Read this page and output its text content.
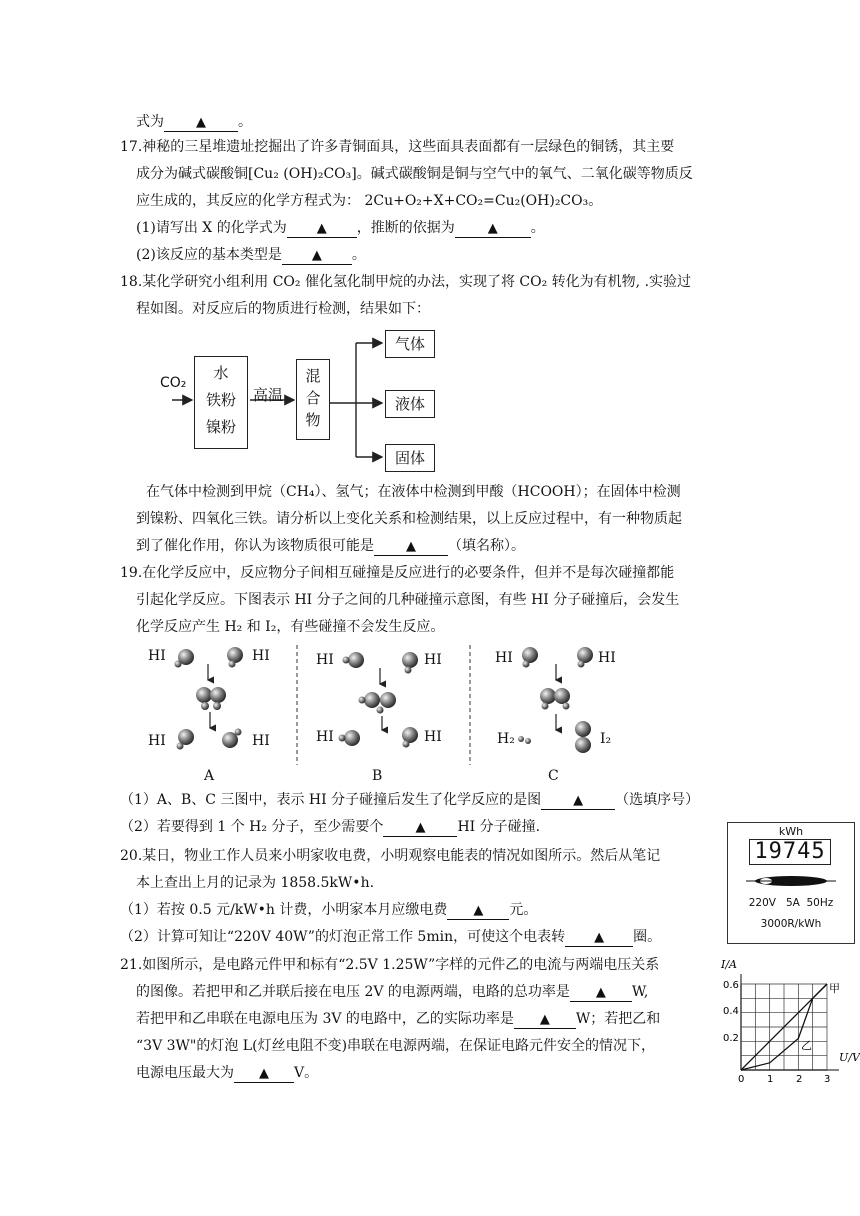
式为 ▲ 。
17.神秘的三星堆遗址挖掘出了许多青铜面具，这些面具表面都有一层绿色的铜锈，其主要
成分为碱式碳酸铜[Cu₂ (OH)₂CO₃]。碱式碳酸铜是铜与空气中的氧气、二氧化碳等物质反
应生成的，其反应的化学方程式为： 2Cu+O₂+X+CO₂=Cu₂(OH)₂CO₃。
(1)请写出 X 的化学式为 ▲ ，推断的依据为	▲ 。
(2)该反应的基本类型是 ▲ 。
18.某化学研究小组利用 CO₂ 催化氢化制甲烷的办法，实现了将 CO₂ 转化为有机物, .实验过
程如图。对反应后的物质进行检测，结果如下：
CO₂
水
铁粉
镍粉
高温
混
合
物
气体
液体
固体
在气体中检测到甲烷（CH₄）、氢气；在液体中检测到甲酸（HCOOH）；在固体中检测
到镍粉、四氧化三铁。请分析以上变化关系和检测结果，以上反应过程中，有一种物质起
到了催化作用，你认为该物质很可能是 ▲ （填名称）。
19.在化学反应中，反应物分子间相互碰撞是反应进行的必要条件，但并不是每次碰撞都能
引起化学反应。下图表示 HI 分子之间的几种碰撞示意图，有些 HI 分子碰撞后，会发生
化学反应产生 H₂ 和 I₂，有些碰撞不会发生反应。
HI	HI
HI	HI
A
HI	HI
HI	HI
B
HI	HI
H₂	I₂
C
（1）A、B、C 三图中，表示 HI 分子碰撞后发生了化学反应的是图 ▲ （选填序号）
（2）若要得到 1 个 H₂ 分子，至少需要个 ▲ HI 分子碰撞.	kWh
19745
220V   5A  50Hz
3000R/kWh
20.某日，物业工作人员来小明家收电费，小明观察电能表的情况如图所示。然后从笔记
本上查出上月的记录为 1858.5kW•h.
（1）若按 0.5 元/kW•h 计费，小明家本月应缴电费 ▲ 元。
（2）计算可知让“220V 40W”的灯泡正常工作 5min，可使这个电表转 ▲ 圈。
21.如图所示，是电路元件甲和标有“2.5V 1.25W”字样的元件乙的电流与两端电压关系
的图像。若把甲和乙并联后接在电压 2V 的电源两端，电路的总功率是 ▲ W,
若把甲和乙串联在电源电压为 3V 的电路中，乙的实际功率是 ▲ W；若把乙和
“3V 3W"的灯泡 L(灯丝电阻不变)串联在电源两端，在保证电路元件安全的情况下，
电源电压最大为 ▲ V。
I/A
U/V
0.6
0.4
0.2
0 1 2 3
甲
乙
